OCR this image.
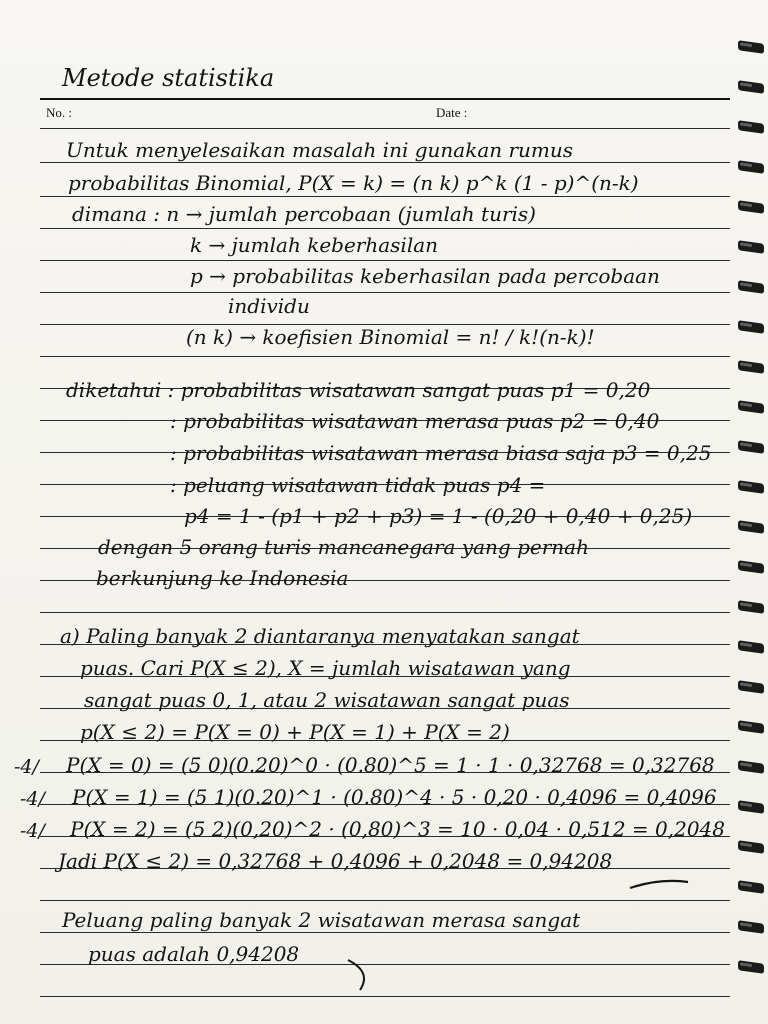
Metode statistika
No. :	Date :
Untuk menyelesaikan masalah ini gunakan rumus
probabilitas Binomial, P(X = k) = (n k) p^k (1 - p)^(n-k)
dimana : n → jumlah percobaan (jumlah turis)
k → jumlah keberhasilan
p → probabilitas keberhasilan pada percobaan
individu
(n k) → koefisien Binomial = n! / k!(n-k)!
diketahui : probabilitas wisatawan sangat puas p1 = 0,20
: probabilitas wisatawan merasa puas p2 = 0,40
: probabilitas wisatawan merasa biasa saja p3 = 0,25
: peluang wisatawan tidak puas p4 =
p4 = 1 - (p1 + p2 + p3) = 1 - (0,20 + 0,40 + 0,25)
dengan 5 orang turis mancanegara yang pernah
berkunjung ke Indonesia
a) Paling banyak 2 diantaranya menyatakan sangat
puas. Cari P(X ≤ 2), X = jumlah wisatawan yang
sangat puas 0, 1, atau 2 wisatawan sangat puas
p(X ≤ 2) = P(X = 0) + P(X = 1) + P(X = 2)
-4/ P(X = 0) = (5 0)(0.20)^0 · (0.80)^5 = 1 · 1 · 0,32768 = 0,32768
-4/ P(X = 1) = (5 1)(0.20)^1 · (0.80)^4 · 5 · 0,20 · 0,4096 = 0,4096
-4/ P(X = 2) = (5 2)(0,20)^2 · (0,80)^3 = 10 · 0,04 · 0,512 = 0,2048
Jadi P(X ≤ 2) = 0,32768 + 0,4096 + 0,2048 = 0,94208
Peluang paling banyak 2 wisatawan merasa sangat
puas adalah 0,94208
